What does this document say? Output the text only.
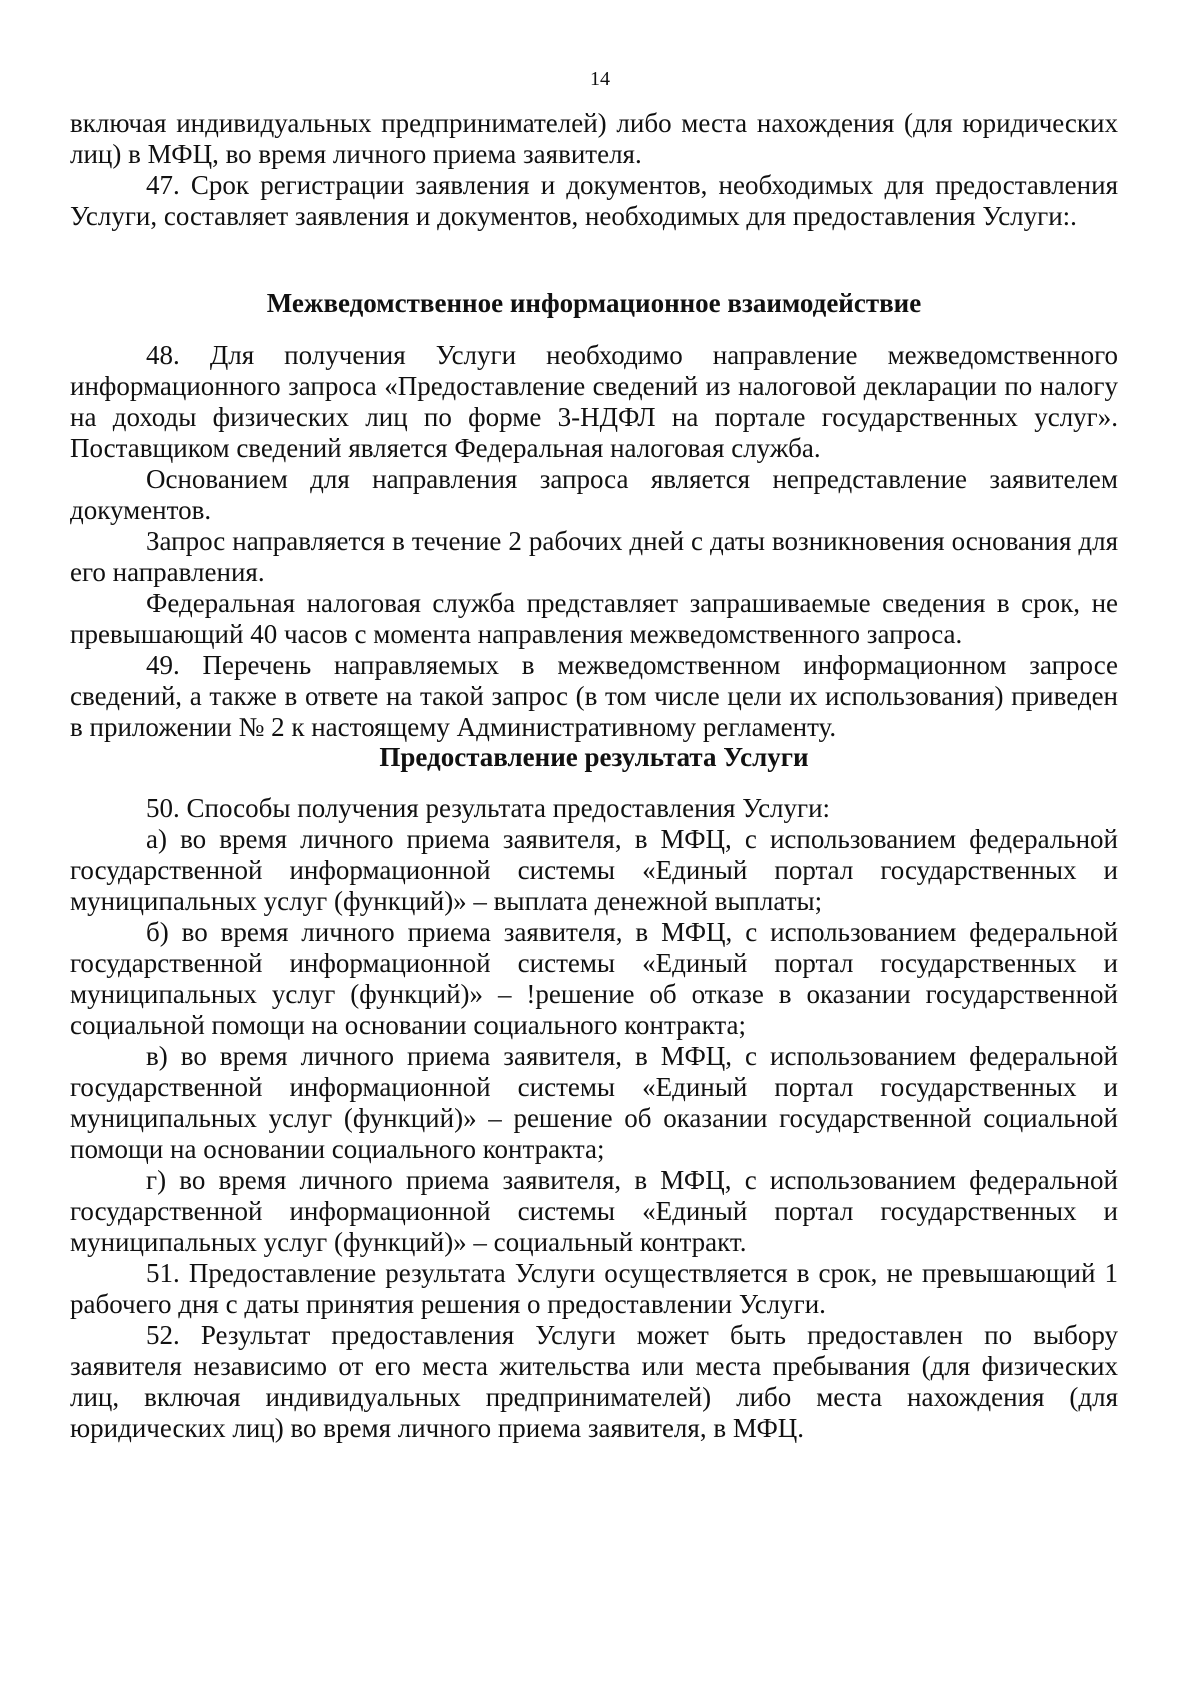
14

включая индивидуальных предпринимателей) либо места нахождения (для юридических лиц) в МФЦ, во время личного приема заявителя.

47. Срок регистрации заявления и документов, необходимых для предоставления Услуги, составляет заявления и документов, необходимых для предоставления Услуги:.

Межведомственное информационное взаимодействие

48. Для получения Услуги необходимо направление межведомственного информационного запроса «Предоставление сведений из налоговой декларации по налогу на доходы физических лиц по форме 3-НДФЛ на портале государственных услуг». Поставщиком сведений является Федеральная налоговая служба.

Основанием для направления запроса является непредставление заявителем документов.

Запрос направляется в течение 2 рабочих дней с даты возникновения основания для его направления.

Федеральная налоговая служба представляет запрашиваемые сведения в срок, не превышающий 40 часов с момента направления межведомственного запроса.

49. Перечень направляемых в межведомственном информационном запросе сведений, а также в ответе на такой запрос (в том числе цели их использования) приведен в приложении № 2 к настоящему Административному регламенту.

Предоставление результата Услуги

50. Способы получения результата предоставления Услуги:

а) во время личного приема заявителя, в МФЦ, с использованием федеральной государственной информационной системы «Единый портал государственных и муниципальных услуг (функций)» – выплата денежной выплаты;

б) во время личного приема заявителя, в МФЦ, с использованием федеральной государственной информационной системы «Единый портал государственных и муниципальных услуг (функций)» – !решение об отказе в оказании государственной социальной помощи на основании социального контракта;

в) во время личного приема заявителя, в МФЦ, с использованием федеральной государственной информационной системы «Единый портал государственных и муниципальных услуг (функций)» – решение об оказании государственной социальной помощи на основании социального контракта;

г) во время личного приема заявителя, в МФЦ, с использованием федеральной государственной информационной системы «Единый портал государственных и муниципальных услуг (функций)» – социальный контракт.

51. Предоставление результата Услуги осуществляется в срок, не превышающий 1 рабочего дня с даты принятия решения о предоставлении Услуги.

52. Результат предоставления Услуги может быть предоставлен по выбору заявителя независимо от его места жительства или места пребывания (для физических лиц, включая индивидуальных предпринимателей) либо места нахождения (для юридических лиц) во время личного приема заявителя, в МФЦ.
